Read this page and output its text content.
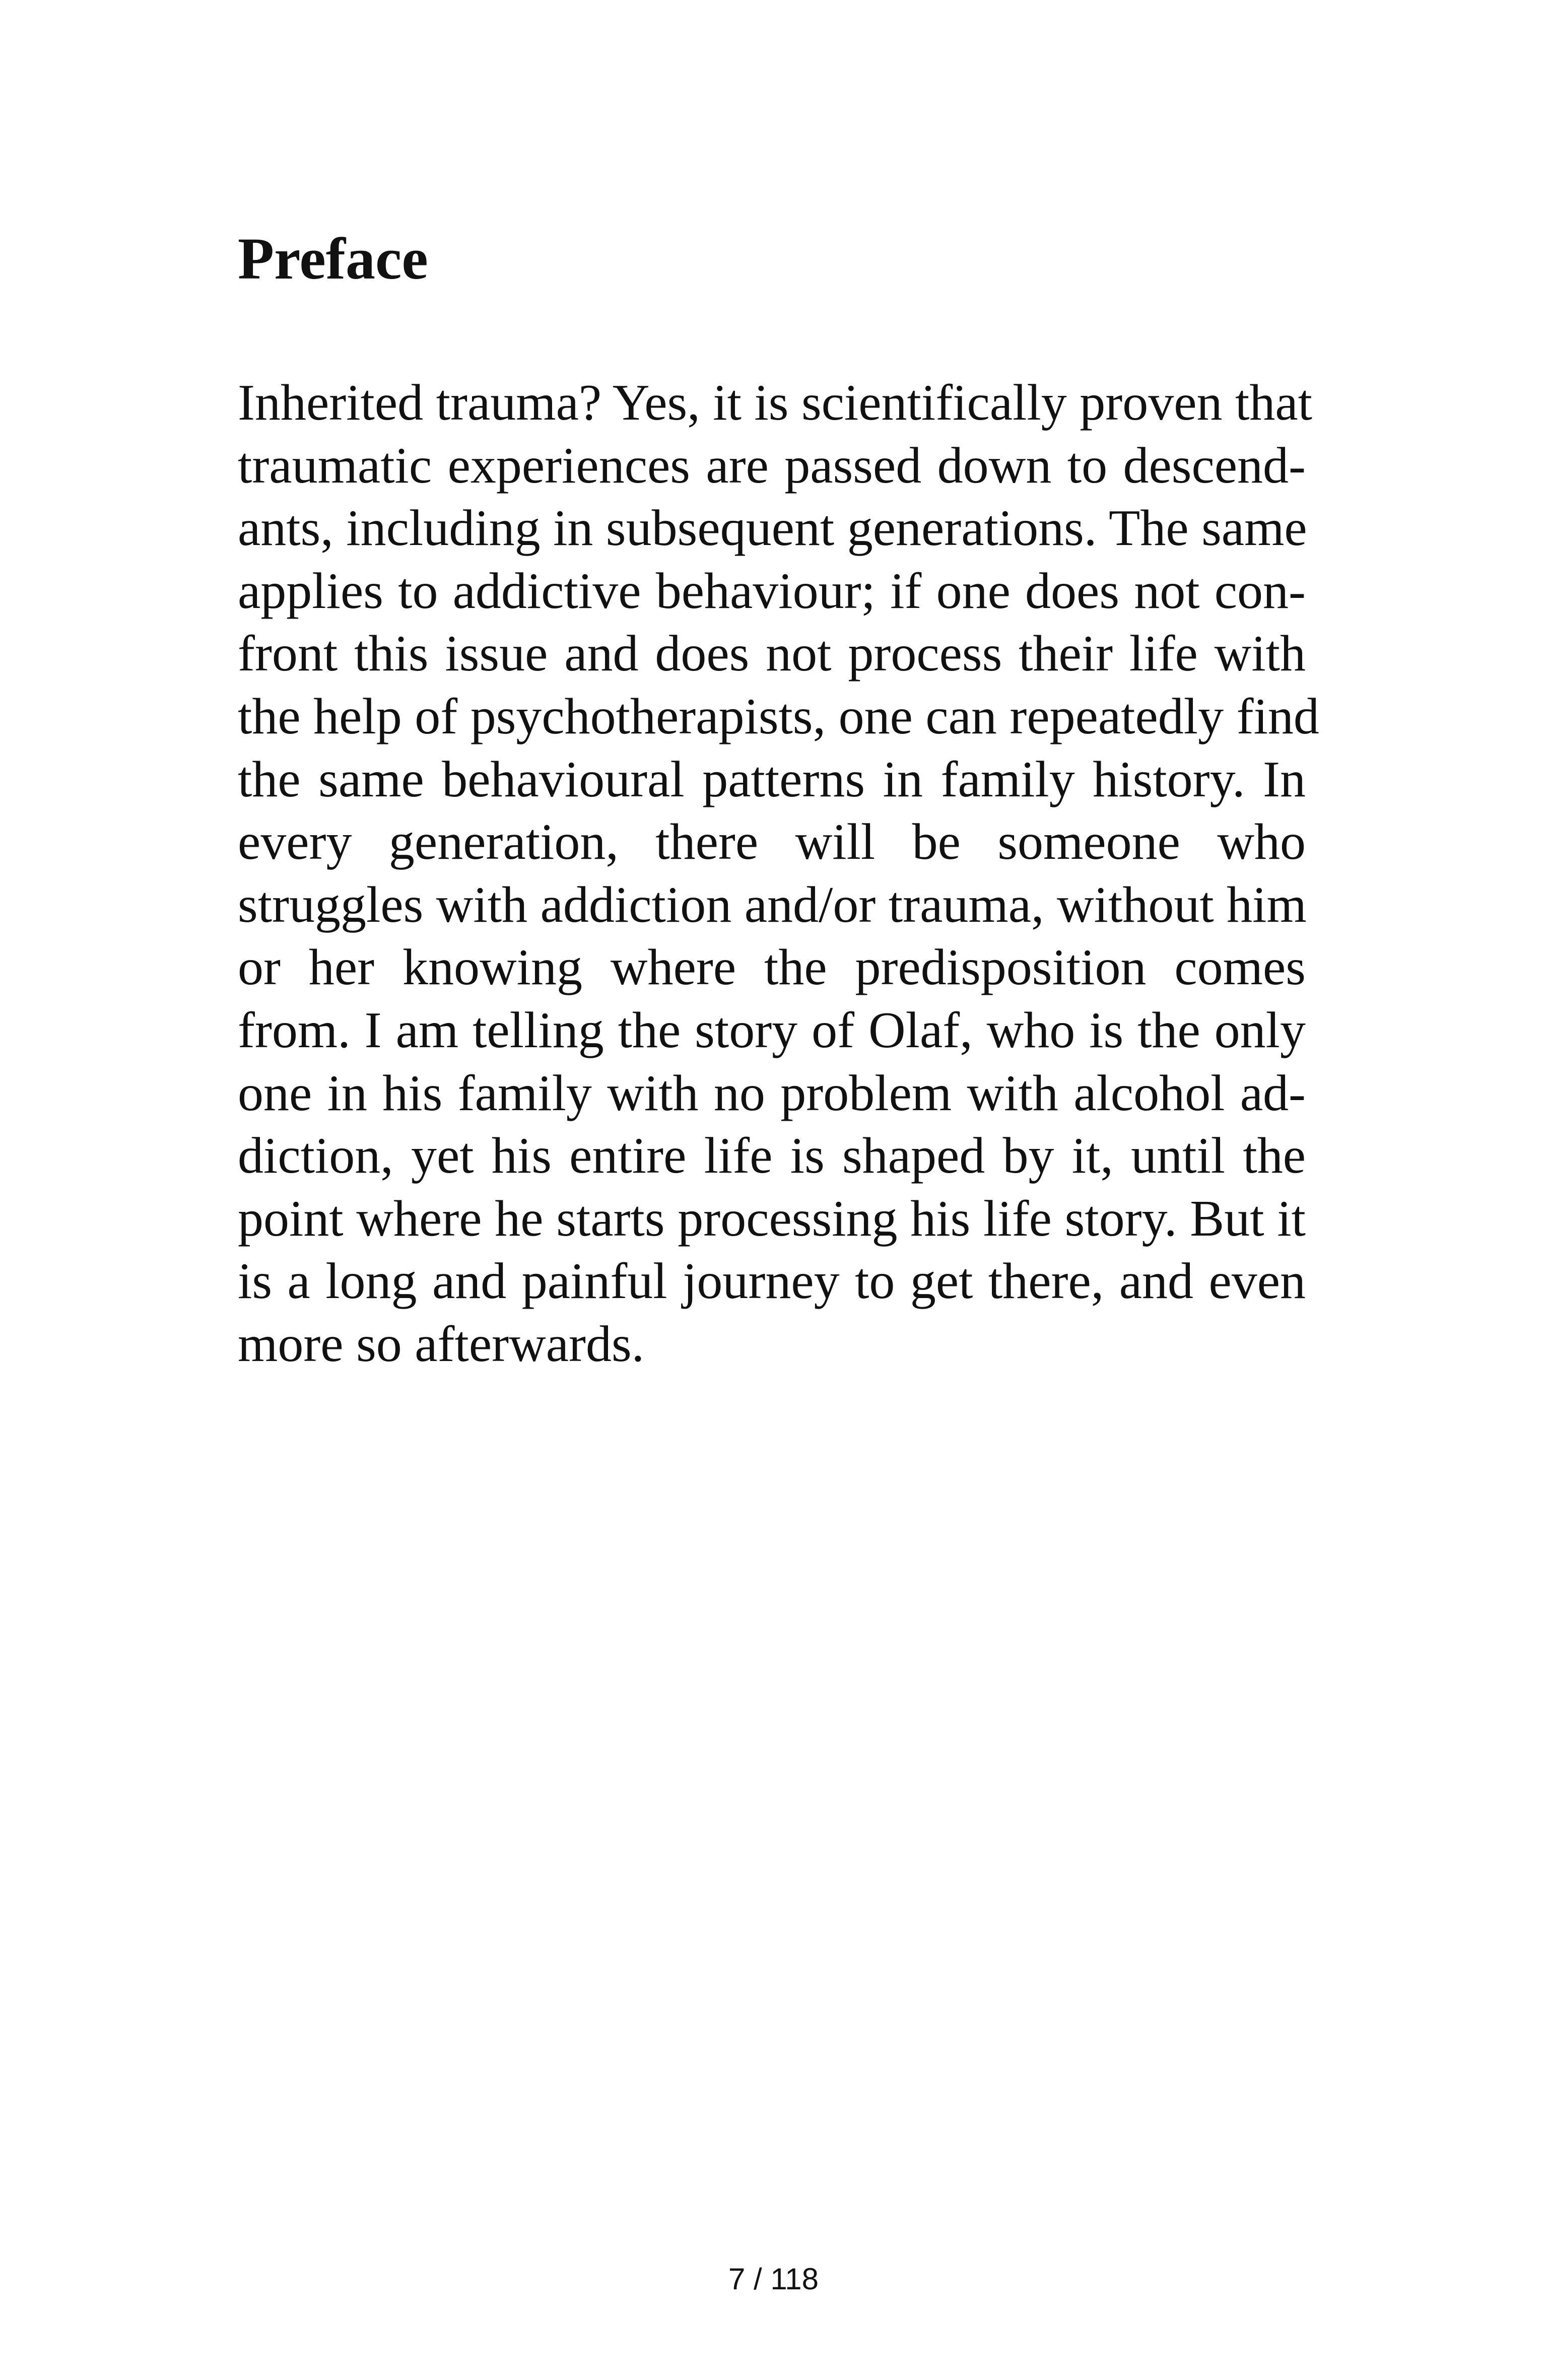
Preface
Inherited trauma? Yes, it is scientifically proven that
traumatic experiences are passed down to descend-
ants, including in subsequent generations. The same
applies to addictive behaviour; if one does not con-
front this issue and does not process their life with
the help of psychotherapists, one can repeatedly find
the same behavioural patterns in family history. In
every generation, there will be someone who
struggles with addiction and/or trauma, without him
or her knowing where the predisposition comes
from. I am telling the story of Olaf, who is the only
one in his family with no problem with alcohol ad-
diction, yet his entire life is shaped by it, until the
point where he starts processing his life story. But it
is a long and painful journey to get there, and even
more so afterwards.
7 / 118
